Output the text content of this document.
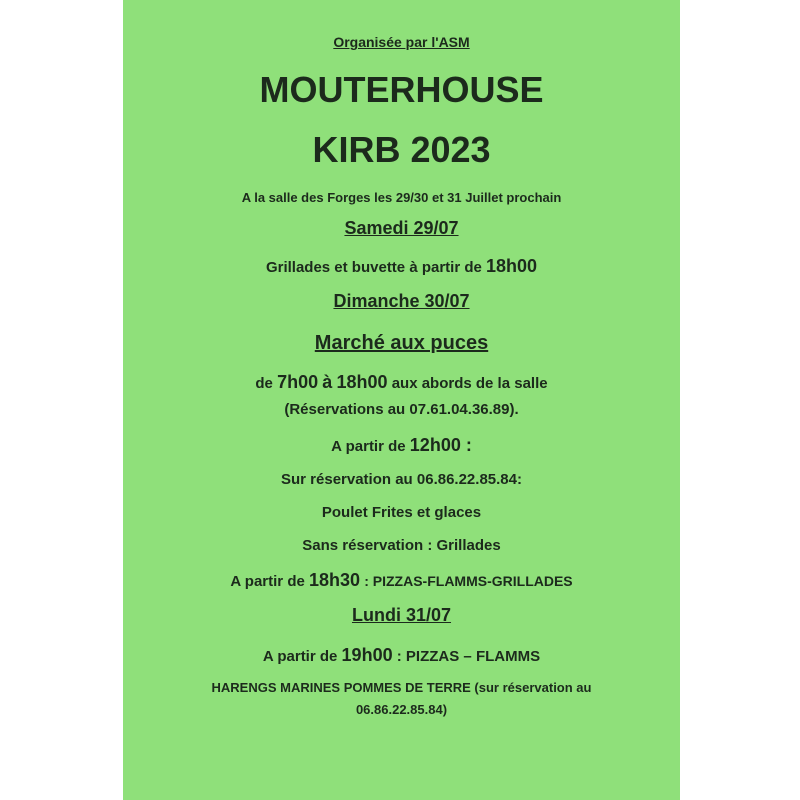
Organisée par l'ASM
MOUTERHOUSE
KIRB 2023
A la salle des Forges les 29/30 et 31 Juillet prochain
Samedi 29/07
Grillades et buvette à partir de 18h00
Dimanche 30/07
Marché aux puces
de 7h00 à 18h00 aux abords de la salle
(Réservations au 07.61.04.36.89).
A partir de 12h00 :
Sur réservation au 06.86.22.85.84:
Poulet Frites et glaces
Sans réservation : Grillades
A partir de 18h30 : PIZZAS-FLAMMS-GRILLADES
Lundi 31/07
A partir de 19h00 : PIZZAS – FLAMMS
HARENGS MARINES POMMES DE TERRE (sur réservation au
06.86.22.85.84)
